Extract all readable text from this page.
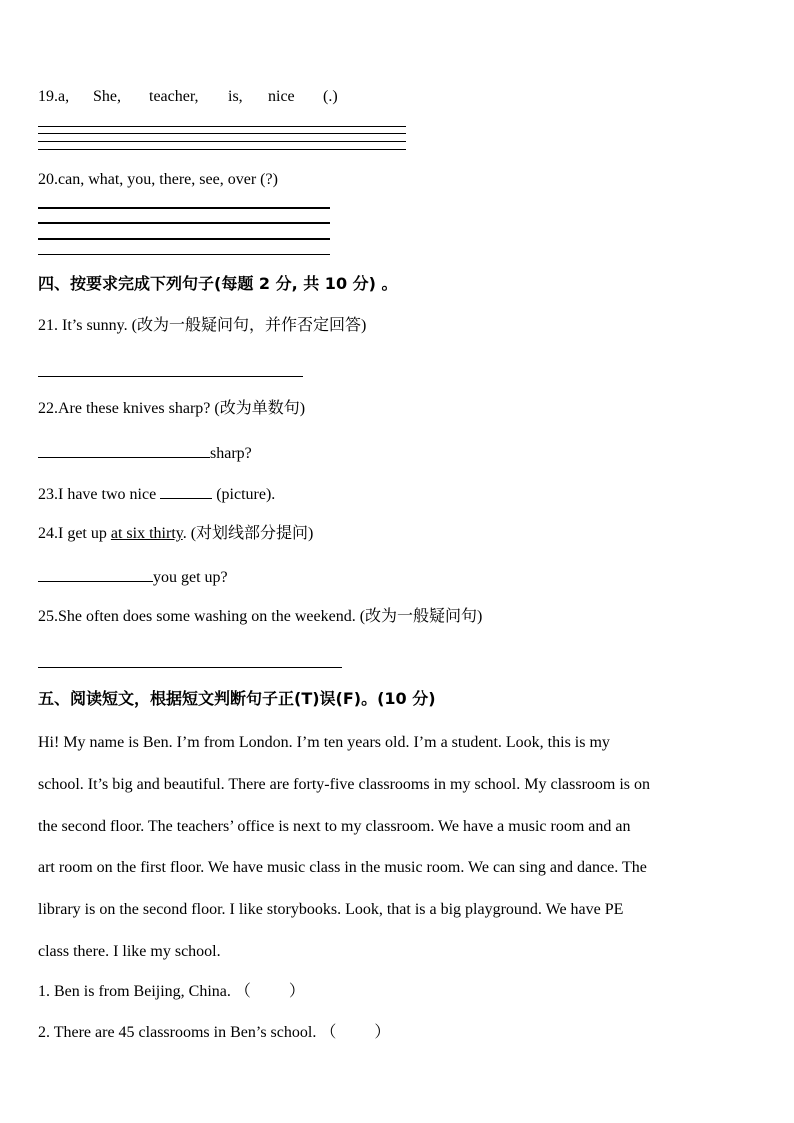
19.a, She, teacher, is, nice (.)
20.can, what, you, there, see, over (?)
四、按要求完成下列句子(每题 2 分, 共 10 分) 。
21. It’s sunny. (改为一般疑问句，并作否定回答)
22.Are these knives sharp? (改为单数句)
sharp?
23.I have two nice	(picture).
24.I get up at six thirty. (对划线部分提问)
you get up?
25.She often does some washing on the weekend. (改为一般疑问句)
五、阅读短文，根据短文判断句子正(T)误(F)。(10 分)
Hi! My name is Ben. I’m from London. I’m ten years old. I’m a student. Look, this is my
school. It’s big and beautiful. There are forty-five classrooms in my school. My classroom is on
the second floor. The teachers’ office is next to my classroom. We have a music room and an
art room on the first floor. We have music class in the music room. We can sing and dance. The
library is on the second floor. I like storybooks. Look, that is a big playground. We have PE
class there. I like my school.
1. Ben is from Beijing, China. （ ）
2. There are 45 classrooms in Ben’s school. （ ）
